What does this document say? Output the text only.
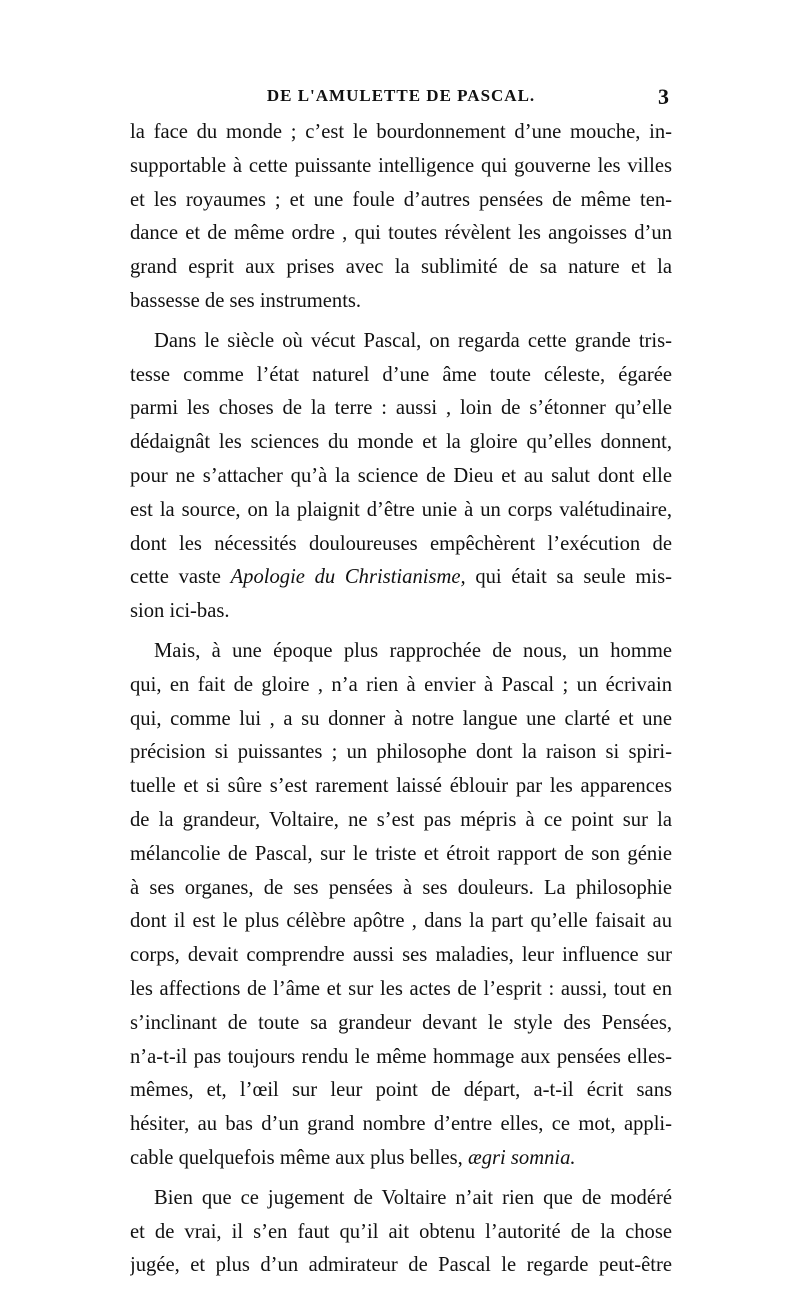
DE L'AMULETTE DE PASCAL.	3
la face du monde ; c’est le bourdonnement d’une mouche, in-
supportable à cette puissante intelligence qui gouverne les villes
et les royaumes ; et une foule d’autres pensées de même ten-
dance et de même ordre , qui toutes révèlent les angoisses d’un
grand esprit aux prises avec la sublimité de sa nature et la
bassesse de ses instruments.
Dans le siècle où vécut Pascal, on regarda cette grande tris-
tesse comme l’état naturel d’une âme toute céleste, égarée
parmi les choses de la terre : aussi , loin de s’étonner qu’elle
dédaignât les sciences du monde et la gloire qu’elles donnent,
pour ne s’attacher qu’à la science de Dieu et au salut dont elle
est la source, on la plaignit d’être unie à un corps valétudinaire,
dont les nécessités douloureuses empêchèrent l’exécution de
cette vaste Apologie du Christianisme, qui était sa seule mis-
sion ici-bas.
Mais, à une époque plus rapprochée de nous, un homme
qui, en fait de gloire , n’a rien à envier à Pascal ; un écrivain
qui, comme lui , a su donner à notre langue une clarté et une
précision si puissantes ; un philosophe dont la raison si spiri-
tuelle et si sûre s’est rarement laissé éblouir par les apparences
de la grandeur, Voltaire, ne s’est pas mépris à ce point sur la
mélancolie de Pascal, sur le triste et étroit rapport de son génie
à ses organes, de ses pensées à ses douleurs. La philosophie
dont il est le plus célèbre apôtre , dans la part qu’elle faisait au
corps, devait comprendre aussi ses maladies, leur influence sur
les affections de l’âme et sur les actes de l’esprit : aussi, tout en
s’inclinant de toute sa grandeur devant le style des Pensées,
n’a-t-il pas toujours rendu le même hommage aux pensées elles-
mêmes, et, l’œil sur leur point de départ, a-t-il écrit sans
hésiter, au bas d’un grand nombre d’entre elles, ce mot, appli-
cable quelquefois même aux plus belles, ægri somnia.
Bien que ce jugement de Voltaire n’ait rien que de modéré
et de vrai, il s’en faut qu’il ait obtenu l’autorité de la chose
jugée, et plus d’un admirateur de Pascal le regarde peut-être
